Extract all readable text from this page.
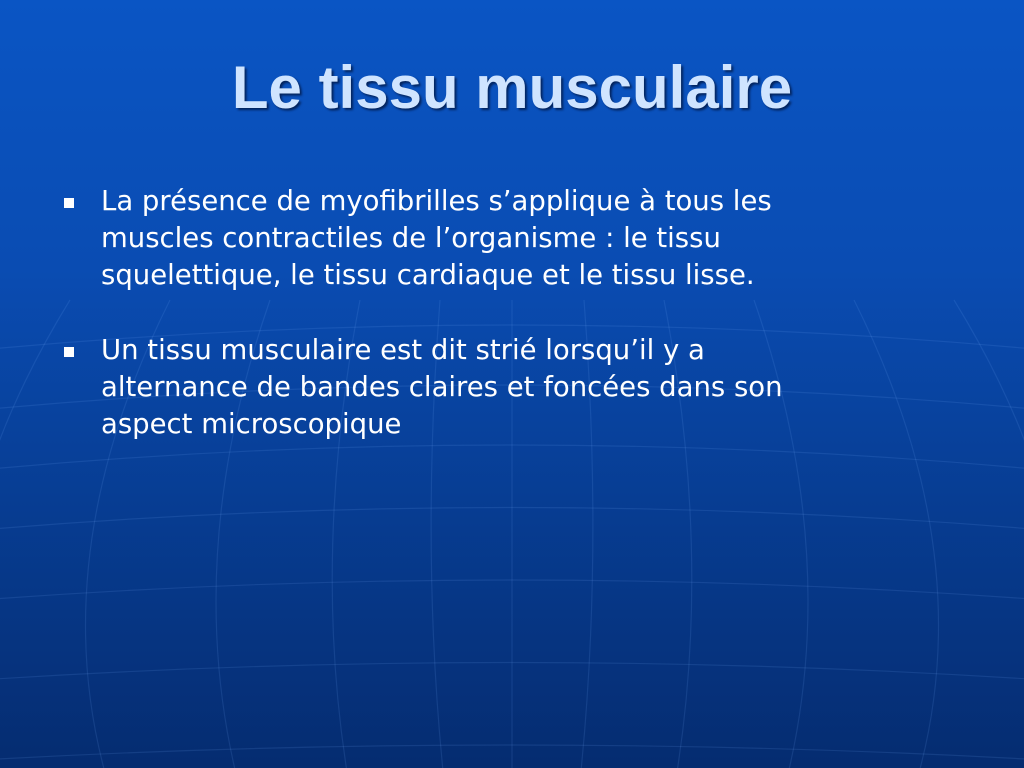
Le tissu musculaire
La présence de myofibrilles s’applique à tous les muscles contractiles de l’organisme : le tissu squelettique, le tissu cardiaque et le tissu lisse.
Un tissu musculaire est dit strié lorsqu’il y a alternance de bandes claires et foncées dans son aspect microscopique
